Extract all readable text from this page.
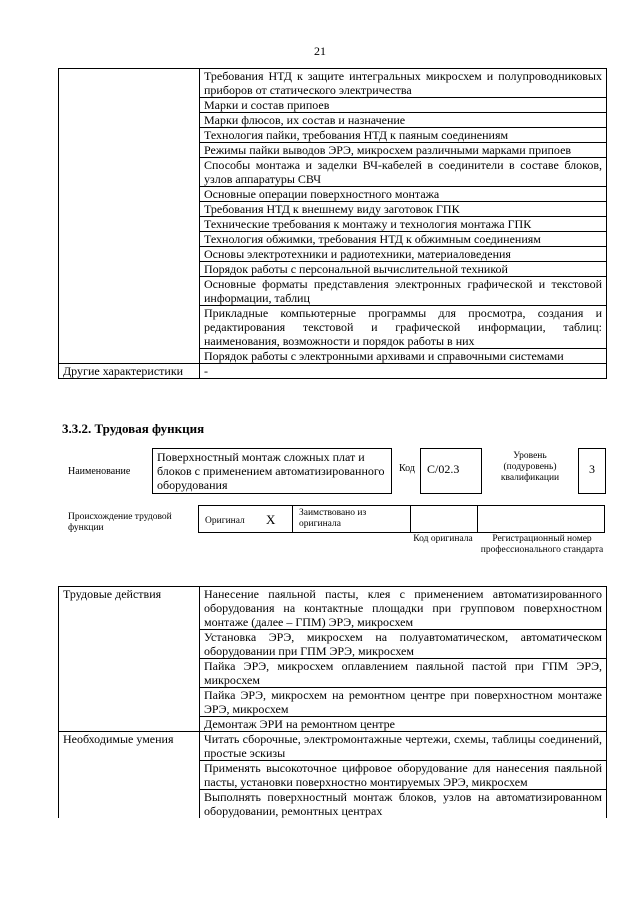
21
	Требования НТД к защите интегральных микросхем и полупроводниковых приборов от статического электричества
	Марки и состав припоев
	Марки флюсов, их состав и назначение
	Технология пайки, требования НТД к паяным соединениям
	Режимы пайки выводов ЭРЭ, микросхем различными марками припоев
	Способы монтажа и заделки ВЧ-кабелей в соединители в составе блоков, узлов аппаратуры СВЧ
	Основные операции поверхностного монтажа
	Требования НТД к внешнему виду заготовок ГПК
	Технические требования к монтажу и технология монтажа ГПК
	Технология обжимки, требования НТД к обжимным соединениям
	Основы электротехники и радиотехники, материаловедения
	Порядок работы с персональной вычислительной техникой
	Основные форматы представления электронных графической и текстовой информации, таблиц
	Прикладные компьютерные программы для просмотра, создания и редактирования текстовой и графической информации, таблиц: наименования, возможности и порядок работы в них
	Порядок работы с электронными архивами и справочными системами
Другие характеристики	-
3.3.2. Трудовая функция
Наименование
Поверхностный монтаж сложных плат и блоков с применением автоматизированного оборудования
Код	C/02.3
Уровень (подуровень) квалификации
3
Происхождение трудовой функции
Оригинал X Заимствовано из оригинала
Код оригинала	Регистрационный номер профессионального стандарта
Трудовые действия	Нанесение паяльной пасты, клея с применением автоматизированного оборудования на контактные площадки при групповом поверхностном монтаже (далее – ГПМ) ЭРЭ, микросхем
	Установка ЭРЭ, микросхем на полуавтоматическом, автоматическом оборудовании при ГПМ ЭРЭ, микросхем
	Пайка ЭРЭ, микросхем оплавлением паяльной пастой при ГПМ ЭРЭ, микросхем
	Пайка ЭРЭ, микросхем на ремонтном центре при поверхностном монтаже ЭРЭ, микросхем
	Демонтаж ЭРИ на ремонтном центре
Необходимые умения	Читать сборочные, электромонтажные чертежи, схемы, таблицы соединений, простые эскизы
	Применять высокоточное цифровое оборудование для нанесения паяльной пасты, установки поверхностно монтируемых ЭРЭ, микросхем
	Выполнять поверхностный монтаж блоков, узлов на автоматизированном оборудовании, ремонтных центрах
